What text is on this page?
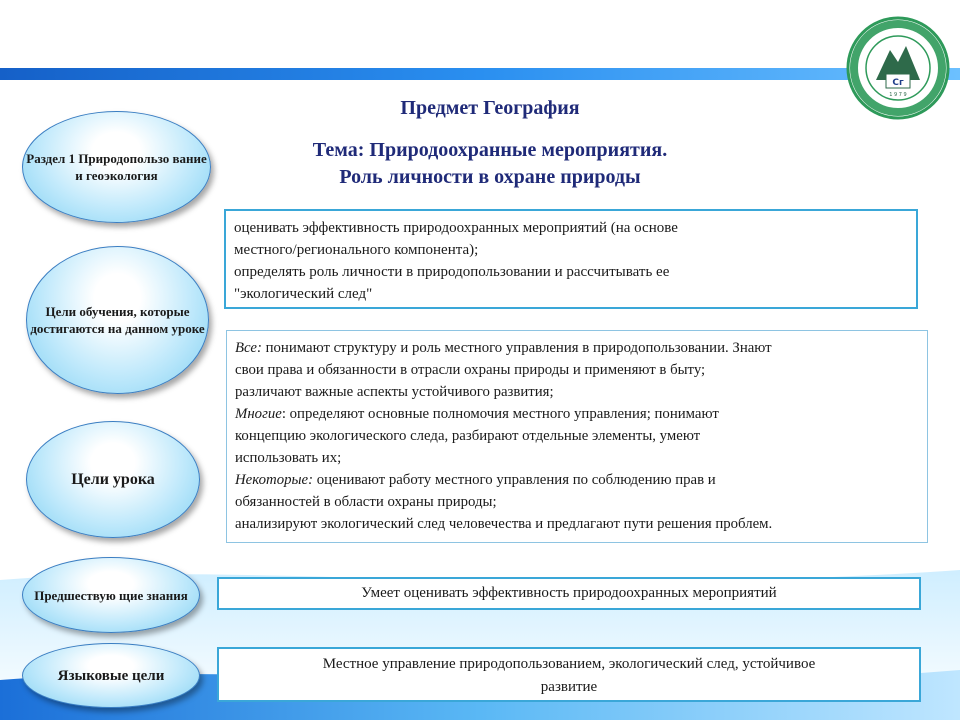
Сг
1 9 7 9
Предмет География
Тема: Природоохранные мероприятия.
Роль личности в охране природы
Раздел 1 Природопользо вание и геоэкология
Цели обучения, которые достигаются на данном уроке
Цели урока
Предшествую щие знания
Языковые цели
оценивать эффективность природоохранных мероприятий (на основе
местного/регионального компонента);
определять роль личности в природопользовании и рассчитывать ее
"экологический след"
Все: понимают структуру и роль местного управления в природопользовании. Знают
свои права и обязанности в отрасли охраны природы и применяют в быту;
различают важные аспекты устойчивого развития;
Многие: определяют основные полномочия местного управления; понимают
концепцию экологического следа, разбирают отдельные элементы, умеют
использовать их;
Некоторые: оценивают работу местного управления по соблюдению прав и
обязанностей в области охраны природы;
анализируют экологический след человечества и предлагают пути решения проблем.
Умеет оценивать эффективность природоохранных мероприятий
Местное управление природопользованием, экологический след, устойчивое
развитие
